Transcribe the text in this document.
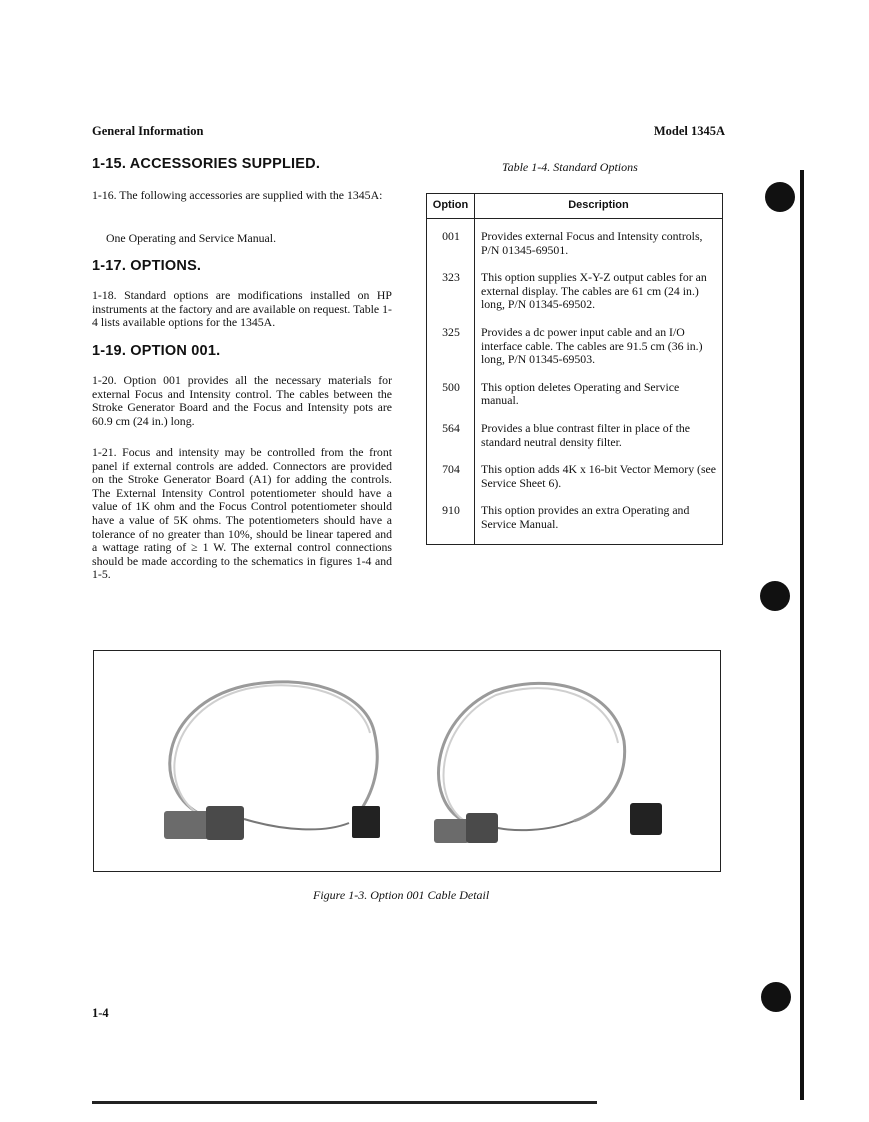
General Information	Model 1345A
1-15. ACCESSORIES SUPPLIED.
1-16. The following accessories are supplied with the 1345A:
One Operating and Service Manual.
1-17. OPTIONS.
1-18. Standard options are modifications installed on HP instruments at the factory and are available on request. Table 1-4 lists available options for the 1345A.
1-19. OPTION 001.
1-20. Option 001 provides all the necessary materials for external Focus and Intensity control. The cables between the Stroke Generator Board and the Focus and Intensity pots are 60.9 cm (24 in.) long.
1-21. Focus and intensity may be controlled from the front panel if external controls are added. Connectors are provided on the Stroke Generator Board (A1) for adding the controls. The External Intensity Control potentiometer should have a value of 1K ohm and the Focus Control potentiometer should have a value of 5K ohms. The potentiometers should have a tolerance of no greater than 10%, should be linear tapered and a wattage rating of ≥ 1 W. The external control connections should be made according to the schematics in figures 1-4 and 1-5.
Table 1-4. Standard Options
Option	Description
001	Provides external Focus and Intensity controls, P/N 01345-69501.
323	This option supplies X-Y-Z output cables for an external display. The cables are 61 cm (24 in.) long, P/N 01345-69502.
325	Provides a dc power input cable and an I/O interface cable. The cables are 91.5 cm (36 in.) long, P/N 01345-69503.
500	This option deletes Operating and Service manual.
564	Provides a blue contrast filter in place of the standard neutral density filter.
704	This option adds 4K x 16-bit Vector Memory (see Service Sheet 6).
910	This option provides an extra Operating and Service Manual.
Figure 1-3. Option 001 Cable Detail
1-4
